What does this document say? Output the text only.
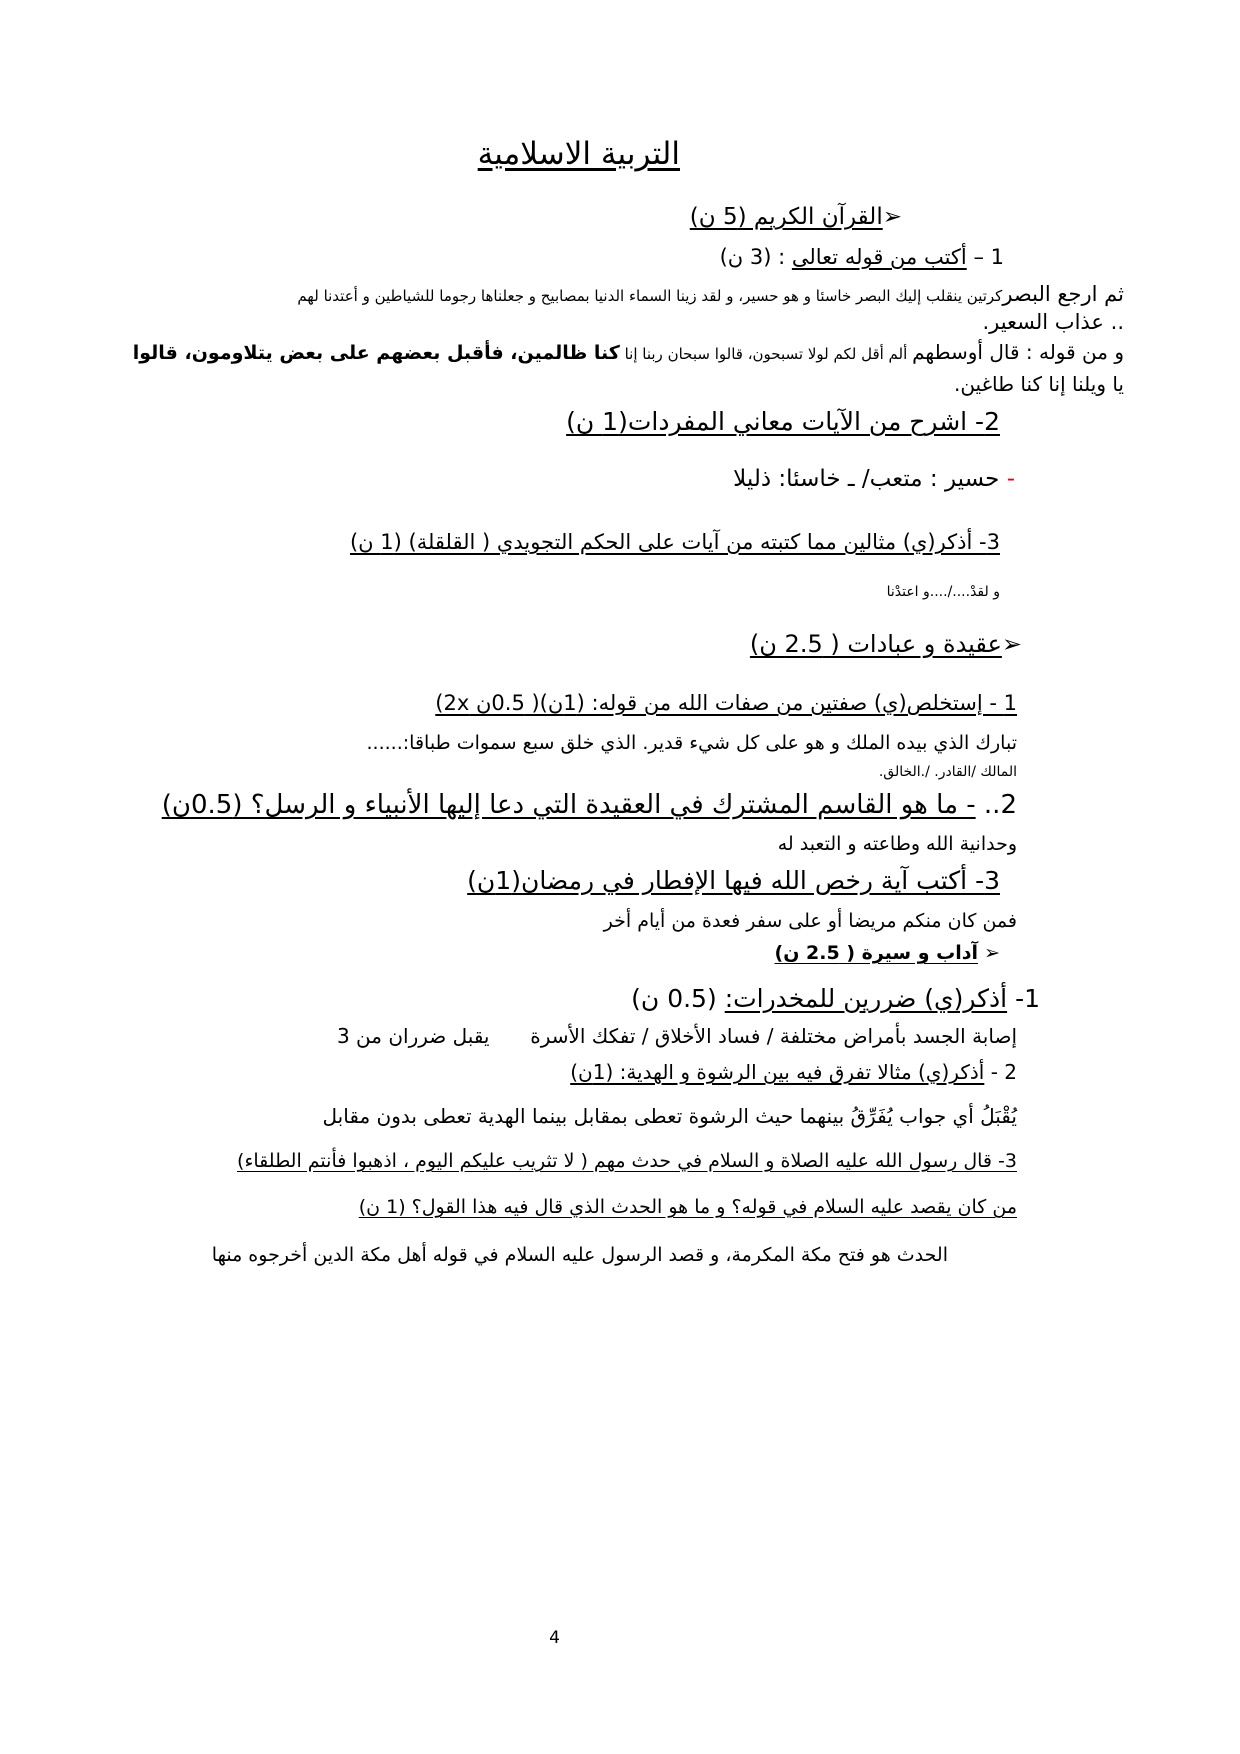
التربية الاسلامية
➢القرآن الكريم (5 ن)
1 – أكتب من قوله تعالى : (3 ن)
ثم ارجع البصركرتين ينقلب إليك البصر خاسئا و هو حسير، و لقد زينا السماء الدنيا بمصابيح و جعلناها رجوما للشياطين و أعتدنا لهم
.. عذاب السعير.
و من قوله : قال أوسطهم ألم أقل لكم لولا تسبحون، قالوا سبحان ربنا إنا كنا ظالمين، فأقبل بعضهم على بعض يتلاومون، قالوا
يا ويلنا إنا كنا طاغين.
2- اشرح من الآيات معاني المفردات(1 ن)
- حسير : متعب/ ـ خاسئا: ذليلا
3- أذكر(ي) مثالين مما كتبته من آيات على الحكم التجويدي ( القلقلة) (1 ن)
و لقدْ..../....و اعتدْنا
➢عقيدة و عبادات ( 2.5 ن)
1 - إستخلص(ي) صفتين من صفات الله من قوله: (1ن)( 0.5ن 2x)
تبارك الذي بيده الملك و هو على كل شيء قدير. الذي خلق سبع سموات طباقا:......
المالك /القادر. /.الخالق.
2.. - ما هو القاسم المشترك في العقيدة التي دعا إليها الأنبياء و الرسل؟ (0.5ن)
وحدانية الله وطاعته و التعبد له
3- أكتب آية رخص الله فيها الإفطار في رمضان(1ن)
فمن كان منكم مريضا أو على سفر فعدة من أيام أخر
➢ آداب و سيرة ( 2.5 ن)
1- أذكر(ي) ضررين للمخدرات: (0.5 ن)
إصابة الجسد بأمراض مختلفة / فساد الأخلاق / تفكك الأسرة  يقبل ضرران من 3
2 - أذكر(ي) مثالا تفرق فيه بين الرشوة و الهدية: (1ن)
يُقْبَلُ أي جواب يُفَرِّقُ بينهما حيث الرشوة تعطى بمقابل بينما الهدية تعطى بدون مقابل
3- قال رسول الله عليه الصلاة و السلام في حدث مهم ( لا تثريب عليكم اليوم ، اذهبوا فأنتم الطلقاء)
من كان يقصد عليه السلام في قوله؟ و ما هو الحدث الذي قال فيه هذا القول؟ (1 ن)
الحدث هو فتح مكة المكرمة، و قصد الرسول عليه السلام في قوله أهل مكة الدين أخرجوه منها
4
